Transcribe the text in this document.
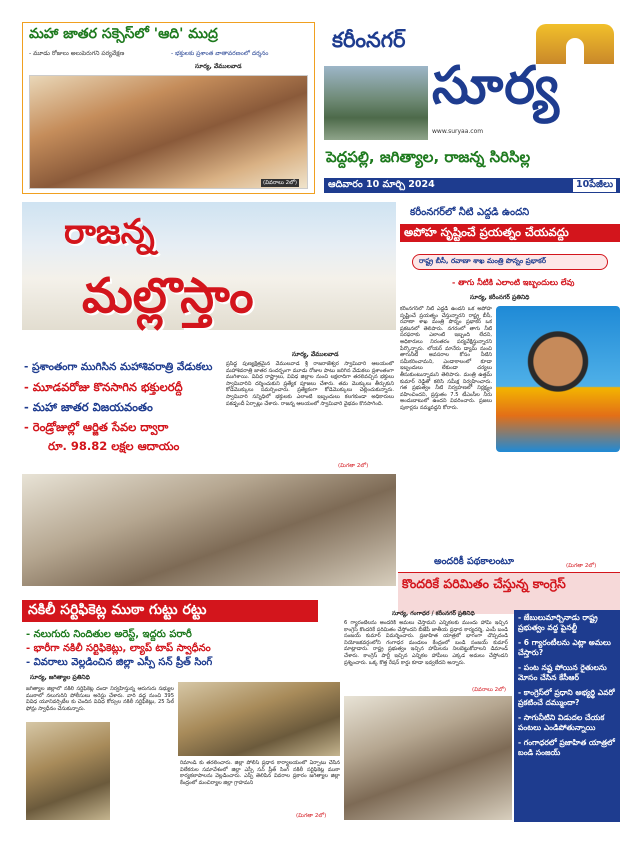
మహా జాతర సక్సెస్‌లో 'ఆది' ముద్ర
- మూడు రోజులు అలుపెరుగని పర్యవేక్షణ	- భక్తులకు ప్రశాంత వాతావరణంలో దర్శనం
సూర్య, వేములవాడ
(వివరాలు 2లో)
కరీంనగర్
సూర్య
www.suryaa.com
పెద్దపల్లి, జగిత్యాల, రాజన్న సిరిసిల్ల
ఆదివారం 10 మార్చి 2024	10పేజీలు
రాజన్న
మల్లొస్తాం
సూర్య, వేములవాడ
- ప్రశాంతంగా ముగిసిన మహాశివరాత్రి వేడుకలు
- మూడవరోజు కొనసాగిన భక్తులరద్దీ
- మహా జాతర విజయవంతం
- రెండ్రోజుల్లో ఆర్జిత సేవల ద్వారా
రూ. 98.82 లక్షల ఆదాయం
ప్రసిద్ధ పుణ్యక్షేత్రమైన వేములవాడ శ్రీ రాజరాజేశ్వర స్వామివారి ఆలయంలో మహాశివరాత్రి జాతర సందర్భంగా మూడు రోజుల పాటు జరిగిన వేడుకలు ప్రశాంతంగా ముగిశాయి. వివిధ రాష్ట్రాలు, వివిధ జిల్లాల నుంచి లక్షలాదిగా తరలివచ్చిన భక్తులు స్వామివారిని దర్శించుకుని ప్రత్యేక పూజలు చేశారు. తమ మొక్కులు తీర్చుకుని కోడెమొక్కులు సమర్పించారు. ప్రత్యేకంగా కోడెమొక్కులు చెల్లించుకున్నారు. స్వామివారి సన్నిధిలో భక్తులకు ఎలాంటి ఇబ్బందులు కలగకుండా అధికారులు పకడ్బందీ ఏర్పాట్లు చేశారు. రాజన్న ఆలయంలో స్వామివారి వైభవం కొనసాగింది.
(మిగతా 2లో)
కరీంనగర్‌లో నీటి ఎద్దడి ఉందని
అపోహ సృష్టించే ప్రయత్నం చేయవద్దు
రాష్ట్ర బీసీ, రవాణా శాఖ మంత్రి పొన్నం ప్రభాకర్
- తాగు నీటికి ఎలాంటి ఇబ్బందులు లేవు
సూర్య, కరీంనగర్ ప్రతినిధి
కరీంనగర్‌లో నీటి ఎద్దడి ఉందని ఒక అపోహ సృష్టించే ప్రయత్నం చేస్తున్నారని రాష్ట్ర బీసీ, రవాణా శాఖ మంత్రి పొన్నం ప్రభాకర్ ఒక ప్రకటనలో తెలిపారు. నగరంలో తాగు నీటి సరఫరాకు ఎలాంటి ఇబ్బంది లేదని, అధికారులు నిరంతరం పర్యవేక్షిస్తున్నారని పేర్కొన్నారు. లోయర్ మానేరు డ్యామ్ నుంచి తాగునీటి అవసరాల కోసం నీటిని సమీకరించామని, ఎండాకాలంలో కూడా ఇబ్బందులు లేకుండా చర్యలు తీసుకుంటున్నామని తెలిపారు. మంత్రి ఉత్తమ్ కుమార్ రెడ్డితో కలిసి సమీక్ష నిర్వహించారు. గత ప్రభుత్వం నీటి నిర్వహణలో నిర్లక్ష్యం వహించిందని, ప్రస్తుతం 7.5 టీఎంసీల నీరు అందుబాటులో ఉందని వివరించారు. ప్రజలు పుకార్లను నమ్మవద్దని కోరారు.
(మిగతా 2లో)
అందరికీ పథకాలంటూ
కొందరికే పరిమితం చేస్తున్న కాంగ్రెస్
సూర్య, గంగాధర / కరీంనగర్ ప్రతినిధి
6 గ్యారంటీలను అందరికీ అమలు చేస్తామని ఎన్నికలకు ముందు హామీ ఇచ్చిన కాంగ్రెస్ కొందరికే పరిమితం చేస్తోందని బీజేపీ జాతీయ ప్రధాన కార్యదర్శి, ఎంపీ బండి సంజయ్ కుమార్ విమర్శించారు. ప్రజాహిత యాత్రలో భాగంగా చొప్పదండి నియోజకవర్గంలోని గంగాధర మండలం కేంద్రంలో బండి సంజయ్ కుమార్ మాట్లాడారు. రాష్ట్ర ప్రభుత్వం ఇచ్చిన హామీలను నిలబెట్టుకోవాలని డిమాండ్ చేశారు. కాంగ్రెస్ పార్టీ ఇచ్చిన ఎన్నికల హామీలు ఎక్కడ అమలు చేస్తోందని ప్రశ్నించారు. ఒక్క కొత్త రేషన్ కార్డు కూడా ఇవ్వలేదని అన్నారు.
(వివరాలు 2లో)
- జేబులుమార్చినాడు రాష్ట్ర ప్రభుత్వం వద్ద పైనల్టీ
- 6 గ్యారంటీలను ఎట్లా అమలు చేస్తారు?
- పంట నష్ట పోయిన రైతులను మోసం చేసిన కేసీఆర్
- కాంగ్రెస్‌లో ప్రధాని అభ్యర్థి ఎవరో ప్రకటించే దమ్ముందా?
- సాగునీటిని విడుదల చేయక పంటలు ఎండిపోతున్నాయి
- గంగాధరలో ప్రజాహిత యాత్రలో బండి సంజయ్
నకిలీ సర్టిఫికెట్ల ముఠా గుట్టు రట్టు
- నలుగురు నిందితుల అరెస్ట్, ఇద్దరు పరారీ
- భారీగా నకిలీ సర్టిఫికెట్లు, ల్యాప్ టాప్ స్వాధీనం
- వివరాలు వెల్లడించిన జిల్లా ఎస్పీ సన్ ప్రీత్ సింగ్
సూర్య, జగిత్యాల ప్రతినిధి
జగిత్యాల జిల్లాలో నకిలీ సర్టిఫికెట్ల దందా నిర్వహిస్తున్న ఆరుగురు సభ్యుల ముఠాలో నలుగురిని పోలీసులు అరెస్టు చేశారు. వారి వద్ద నుంచి 395 వివిధ యూనివర్సిటీల కు చెందిన వివిధ కోర్సుల నకిలీ సర్టిఫికెట్లు, 25 సేల్ ఫోన్లు స్వాధీనం చేసుకున్నారు.
రిమాండ్ కు తరలించారు. జిల్లా పోలీస్ ప్రధాన కార్యాలయంలో ఏర్పాటు చేసిన విలేకరుల సమావేశంలో జిల్లా ఎస్పీ సన్ ప్రీత్ సింగ్ నకిలీ సర్టిఫికెట్ల ముఠా కార్యకలాపాలను వెల్లడించారు. ఎస్పీ తెలిపిన వివరాల ప్రకారం జగిత్యాల జిల్లా కేంద్రంలో మంచిర్యాల జిల్లా గ్రాహమని
(మిగతా 2లో)
